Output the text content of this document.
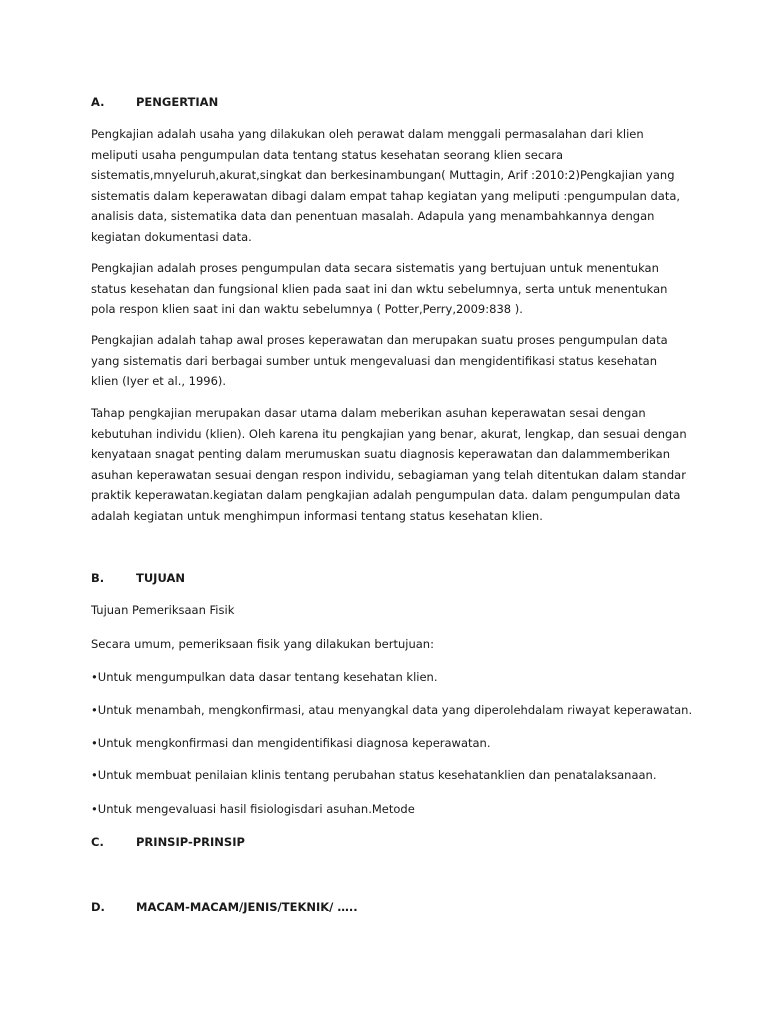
A.	PENGERTIAN

Pengkajian adalah usaha yang dilakukan oleh perawat dalam menggali permasalahan dari klien meliputi usaha pengumpulan data tentang status kesehatan seorang klien secara sistematis,mnyeluruh,akurat,singkat dan berkesinambungan( Muttagin, Arif :2010:2)Pengkajian yang sistematis dalam keperawatan dibagi dalam empat tahap kegiatan yang meliputi :pengumpulan data, analisis data, sistematika data dan penentuan masalah. Adapula yang menambahkannya dengan kegiatan dokumentasi data.

Pengkajian adalah proses pengumpulan data secara sistematis yang bertujuan untuk menentukan status kesehatan dan fungsional klien pada saat ini dan wktu sebelumnya, serta untuk menentukan pola respon klien saat ini dan waktu sebelumnya ( Potter,Perry,2009:838 ).

Pengkajian adalah tahap awal proses keperawatan dan merupakan suatu proses pengumpulan data yang sistematis dari berbagai sumber untuk mengevaluasi dan mengidentifikasi status kesehatan klien (Iyer et al., 1996).

Tahap pengkajian merupakan dasar utama dalam meberikan asuhan keperawatan sesai dengan kebutuhan individu (klien). Oleh karena itu pengkajian yang benar, akurat, lengkap, dan sesuai dengan kenyataan snagat penting dalam merumuskan suatu diagnosis keperawatan dan dalammemberikan asuhan keperawatan sesuai dengan respon individu, sebagiaman yang telah ditentukan dalam standar praktik keperawatan.kegiatan dalam pengkajian adalah pengumpulan data. dalam pengumpulan data adalah kegiatan untuk menghimpun informasi tentang status kesehatan klien.

B.	TUJUAN

Tujuan Pemeriksaan Fisik

Secara umum, pemeriksaan fisik yang dilakukan bertujuan:

•Untuk mengumpulkan data dasar tentang kesehatan klien.

•Untuk menambah, mengkonfirmasi, atau menyangkal data yang diperolehdalam riwayat keperawatan.

•Untuk mengkonfirmasi dan mengidentifikasi diagnosa keperawatan.

•Untuk membuat penilaian klinis tentang perubahan status kesehatanklien dan penatalaksanaan.

•Untuk mengevaluasi hasil fisiologisdari asuhan.Metode

C.	PRINSIP-PRINSIP
D.	MACAM-MACAM/JENIS/TEKNIK/ …..
